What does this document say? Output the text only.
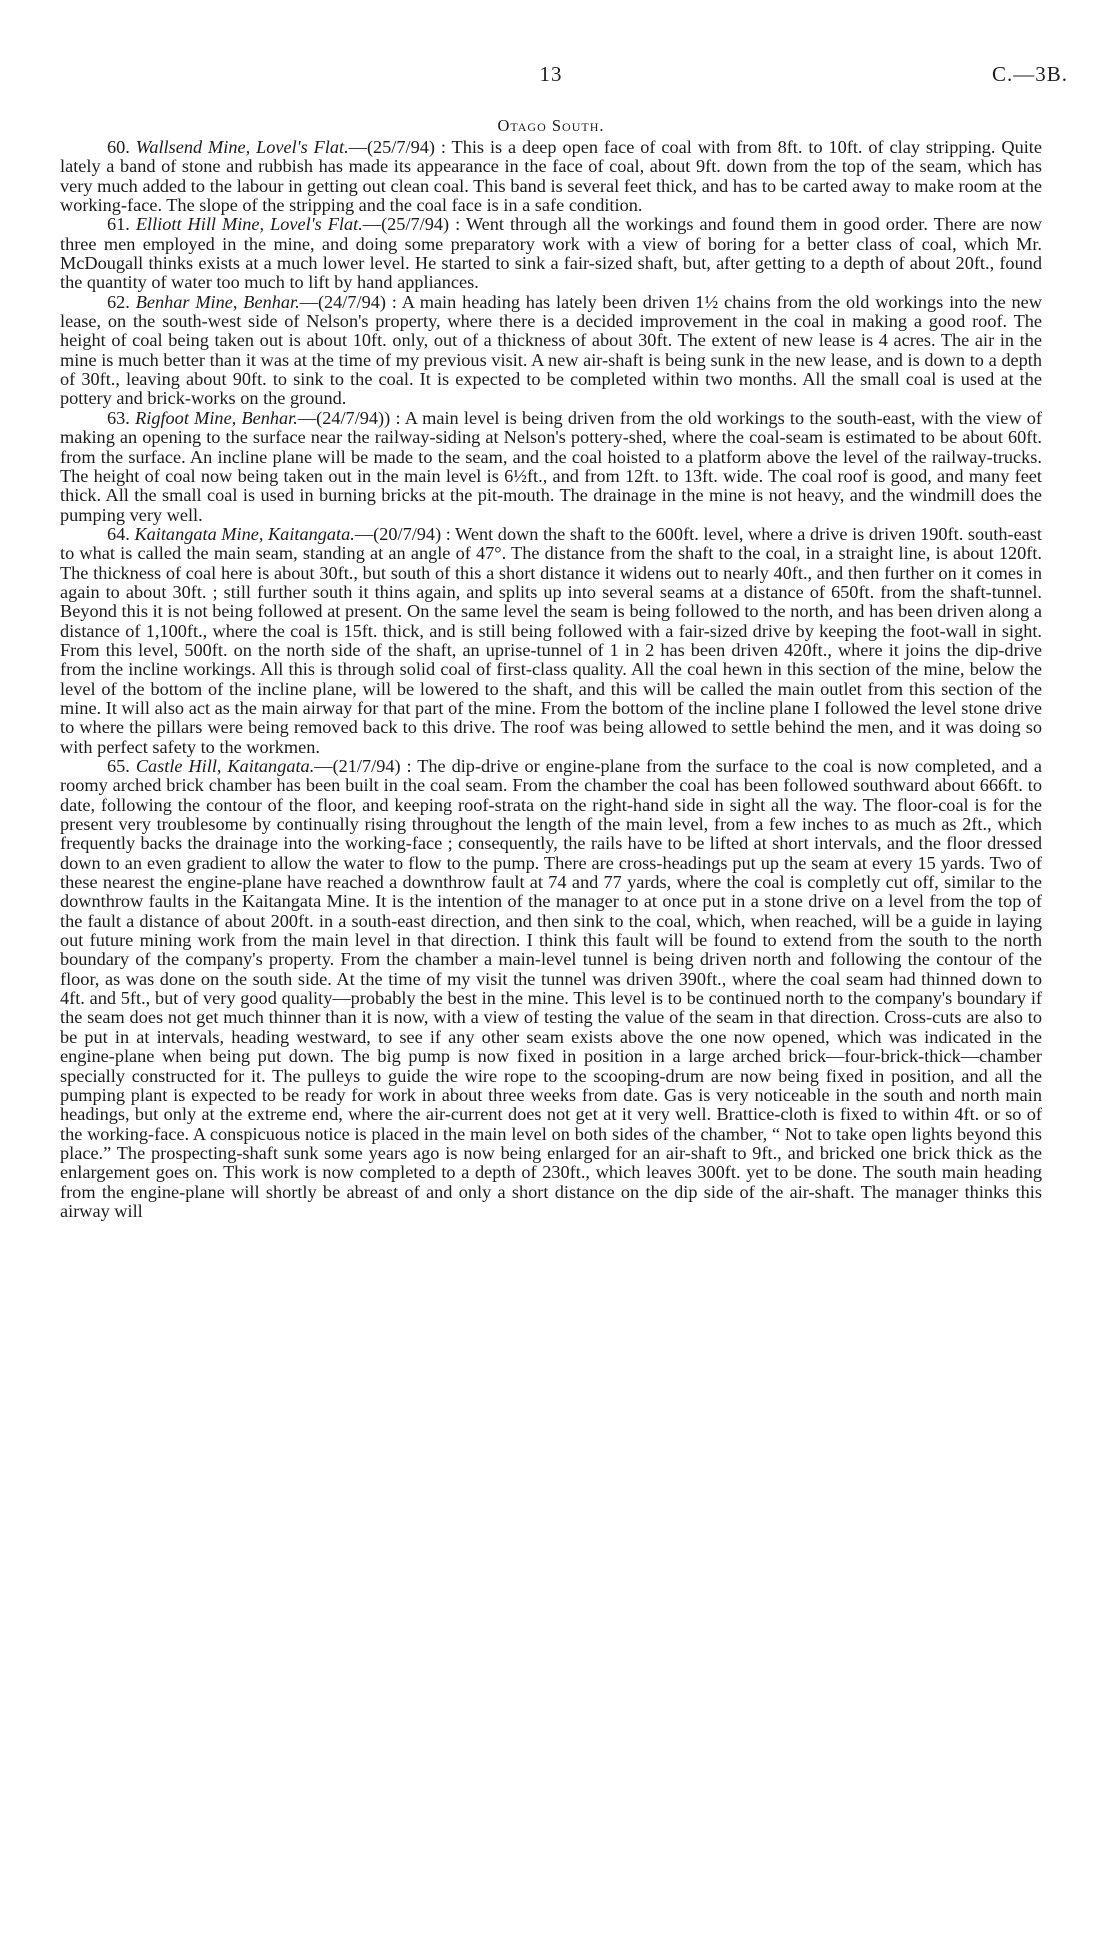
13	C.—3B.
Otago South.

60. Wallsend Mine, Lovel's Flat.—(25/7/94) : This is a deep open face of coal with from 8ft. to 10ft. of clay stripping. Quite lately a band of stone and rubbish has made its appearance in the face of coal, about 9ft. down from the top of the seam, which has very much added to the labour in getting out clean coal. This band is several feet thick, and has to be carted away to make room at the working-face. The slope of the stripping and the coal face is in a safe condition.

61. Elliott Hill Mine, Lovel's Flat.—(25/7/94) : Went through all the workings and found them in good order. There are now three men employed in the mine, and doing some preparatory work with a view of boring for a better class of coal, which Mr. McDougall thinks exists at a much lower level. He started to sink a fair-sized shaft, but, after getting to a depth of about 20ft., found the quantity of water too much to lift by hand appliances.

62. Benhar Mine, Benhar.—(24/7/94) : A main heading has lately been driven 1½ chains from the old workings into the new lease, on the south-west side of Nelson's property, where there is a decided improvement in the coal in making a good roof. The height of coal being taken out is about 10ft. only, out of a thickness of about 30ft. The extent of new lease is 4 acres. The air in the mine is much better than it was at the time of my previous visit. A new air-shaft is being sunk in the new lease, and is down to a depth of 30ft., leaving about 90ft. to sink to the coal. It is expected to be completed within two months. All the small coal is used at the pottery and brick-works on the ground.

63. Rigfoot Mine, Benhar.—(24/7/94)) : A main level is being driven from the old workings to the south-east, with the view of making an opening to the surface near the railway-siding at Nelson's pottery-shed, where the coal-seam is estimated to be about 60ft. from the surface. An incline plane will be made to the seam, and the coal hoisted to a platform above the level of the railway-trucks. The height of coal now being taken out in the main level is 6½ft., and from 12ft. to 13ft. wide. The coal roof is good, and many feet thick. All the small coal is used in burning bricks at the pit-mouth. The drainage in the mine is not heavy, and the windmill does the pumping very well.

64. Kaitangata Mine, Kaitangata.—(20/7/94) : Went down the shaft to the 600ft. level, where a drive is driven 190ft. south-east to what is called the main seam, standing at an angle of 47°. The distance from the shaft to the coal, in a straight line, is about 120ft. The thickness of coal here is about 30ft., but south of this a short distance it widens out to nearly 40ft., and then further on it comes in again to about 30ft. ; still further south it thins again, and splits up into several seams at a distance of 650ft. from the shaft-tunnel. Beyond this it is not being followed at present. On the same level the seam is being followed to the north, and has been driven along a distance of 1,100ft., where the coal is 15ft. thick, and is still being followed with a fair-sized drive by keeping the foot-wall in sight. From this level, 500ft. on the north side of the shaft, an uprise-tunnel of 1 in 2 has been driven 420ft., where it joins the dip-drive from the incline workings. All this is through solid coal of first-class quality. All the coal hewn in this section of the mine, below the level of the bottom of the incline plane, will be lowered to the shaft, and this will be called the main outlet from this section of the mine. It will also act as the main airway for that part of the mine. From the bottom of the incline plane I followed the level stone drive to where the pillars were being removed back to this drive. The roof was being allowed to settle behind the men, and it was doing so with perfect safety to the workmen.

65. Castle Hill, Kaitangata.—(21/7/94) : The dip-drive or engine-plane from the surface to the coal is now completed, and a roomy arched brick chamber has been built in the coal seam. From the chamber the coal has been followed southward about 666ft. to date, following the contour of the floor, and keeping roof-strata on the right-hand side in sight all the way. The floor-coal is for the present very troublesome by continually rising throughout the length of the main level, from a few inches to as much as 2ft., which frequently backs the drainage into the working-face ; consequently, the rails have to be lifted at short intervals, and the floor dressed down to an even gradient to allow the water to flow to the pump. There are cross-headings put up the seam at every 15 yards. Two of these nearest the engine-plane have reached a downthrow fault at 74 and 77 yards, where the coal is completly cut off, similar to the downthrow faults in the Kaitangata Mine. It is the intention of the manager to at once put in a stone drive on a level from the top of the fault a distance of about 200ft. in a south-east direction, and then sink to the coal, which, when reached, will be a guide in laying out future mining work from the main level in that direction. I think this fault will be found to extend from the south to the north boundary of the company's property. From the chamber a main-level tunnel is being driven north and following the contour of the floor, as was done on the south side. At the time of my visit the tunnel was driven 390ft., where the coal seam had thinned down to 4ft. and 5ft., but of very good quality—probably the best in the mine. This level is to be continued north to the company's boundary if the seam does not get much thinner than it is now, with a view of testing the value of the seam in that direction. Cross-cuts are also to be put in at intervals, heading westward, to see if any other seam exists above the one now opened, which was indicated in the engine-plane when being put down. The big pump is now fixed in position in a large arched brick—four-brick-thick—chamber specially constructed for it. The pulleys to guide the wire rope to the scooping-drum are now being fixed in position, and all the pumping plant is expected to be ready for work in about three weeks from date. Gas is very noticeable in the south and north main headings, but only at the extreme end, where the air-current does not get at it very well. Brattice-cloth is fixed to within 4ft. or so of the working-face. A conspicuous notice is placed in the main level on both sides of the chamber, “ Not to take open lights beyond this place.” The prospecting-shaft sunk some years ago is now being enlarged for an air-shaft to 9ft., and bricked one brick thick as the enlargement goes on. This work is now completed to a depth of 230ft., which leaves 300ft. yet to be done. The south main heading from the engine-plane will shortly be abreast of and only a short distance on the dip side of the air-shaft. The manager thinks this airway will
